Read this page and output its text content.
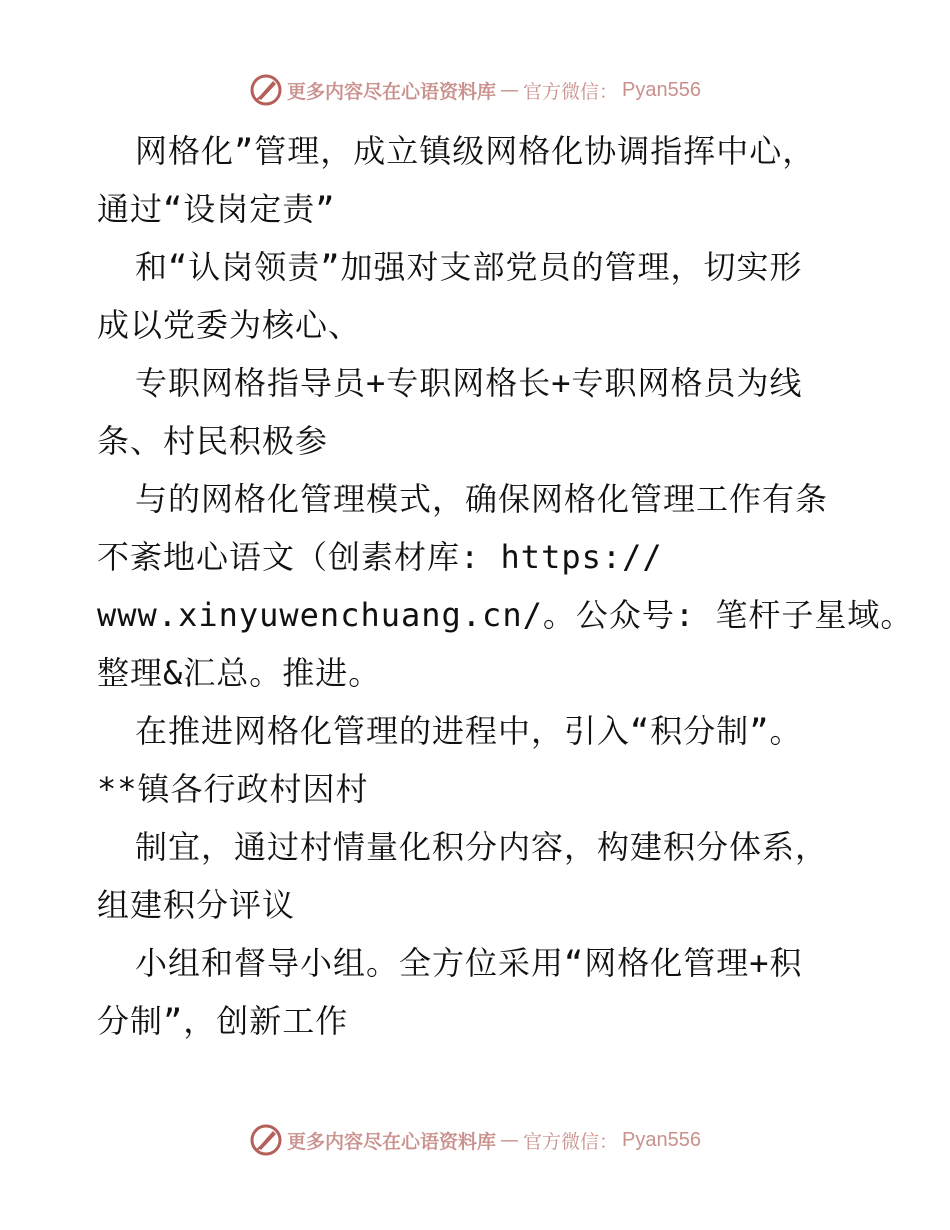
更多内容尽在心语资料库 — 官方微信： Pyan556
网格化”管理，成立镇级网格化协调指挥中心，
通过“设岗定责”
和“认岗领责”加强对支部党员的管理，切实形
成以党委为核心、
专职网格指导员+专职网格长+专职网格员为线
条、村民积极参
与的网格化管理模式，确保网格化管理工作有条
不紊地心语文（创素材库: https://
www.xinyuwenchuang.cn/。公众号: 笔杆子星域。
整理&汇总。推进。
在推进网格化管理的进程中，引入“积分制”。
**镇各行政村因村
制宜，通过村情量化积分内容，构建积分体系，
组建积分评议
小组和督导小组。全方位采用“网格化管理+积
分制”，创新工作
更多内容尽在心语资料库 — 官方微信： Pyan556
